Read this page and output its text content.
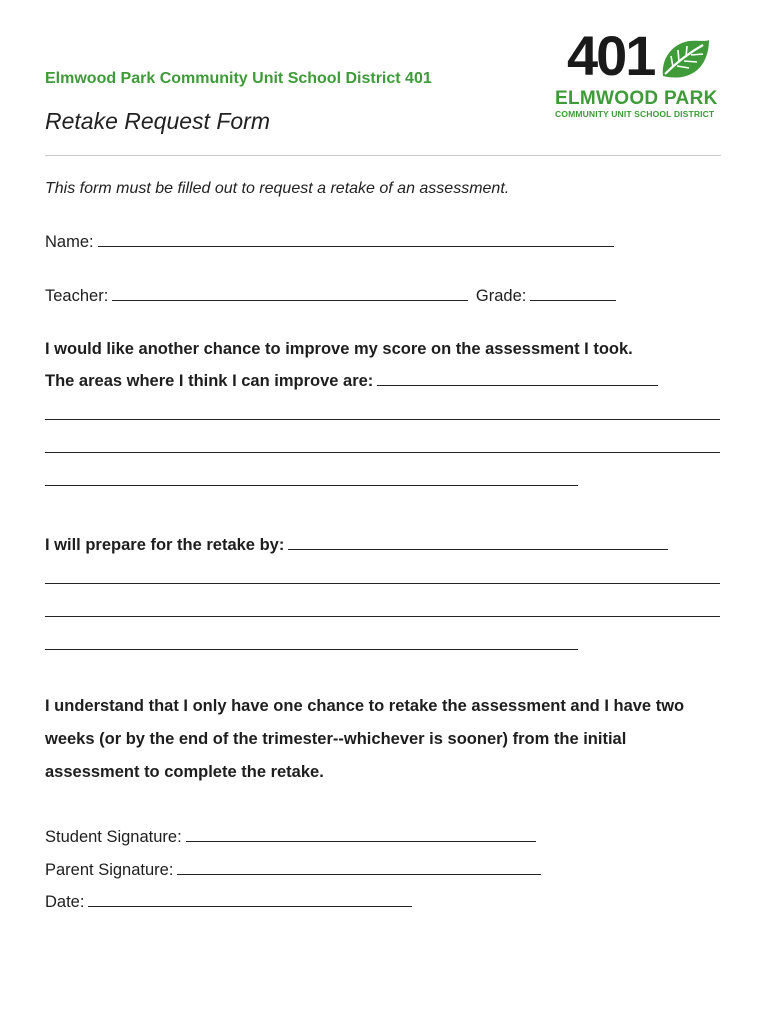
Elmwood Park Community Unit School District 401
Retake Request Form
401
ELMWOOD PARK
COMMUNITY UNIT SCHOOL DISTRICT
This form must be filled out to request a retake of an assessment.
Name:
Teacher:	Grade:
I would like another chance to improve my score on the assessment I took.
The areas where I think I can improve are:
I will prepare for the retake by:
I understand that I only have one chance to retake the assessment and I have two weeks (or by the end of the trimester--whichever is sooner) from the initial assessment to complete the retake.
Student Signature:
Parent Signature:
Date:
